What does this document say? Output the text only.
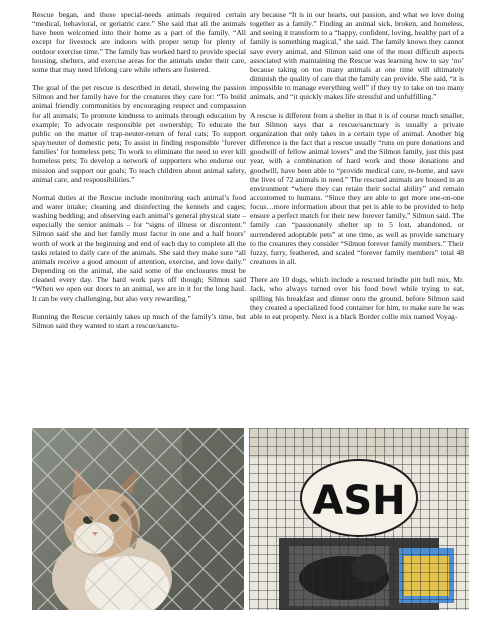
Rescue began, and those special-needs animals required certain “medical, behavioral, or geriatric care.” She said that all the animals have been welcomed into their home as a part of the family. “All except for livestock are indoors with proper setup for plenty of outdoor exercise time.” The family has worked hard to provide special housing, shelters, and exercise areas for the animals under their care, some that may need lifelong care while others are fostered.

The goal of the pet rescue is described in detail, showing the passion Silmon and her family have for the creatures they care for: “To build animal friendly communities by encouraging respect and compassion for all animals; To promote kindness to animals through education by example; To advocate responsible pet ownership; To educate the public on the matter of trap-neuter-return of feral cats; To support spay/neuter of domestic pets; To assist in finding responsible ‘forever families’ for homeless pets; To work to eliminate the need to ever kill homeless pets; To develop a network of supporters who endorse our mission and support our goals; To teach children about animal safety, animal care, and responsibilities.”

Normal duties at the Rescue include monitoring each animal’s food and water intake; cleaning and disinfecting the kennels and cages; washing bedding; and observing each animal’s general physical state – especially the senior animals – for “signs of illness or discontent.” Silmon said she and her family must factor in one and a half hours’ worth of work at the beginning and end of each day to complete all the tasks related to daily care of the animals. She said they make sure “all animals receive a good amount of attention, exercise, and love daily.” Depending on the animal, she said some of the enclosures must be cleaned every day. The hard work pays off though; Silmon said “When we open our doors to an animal, we are in it for the long haul. It can be very challenging, but also very rewarding.”

Running the Rescue certainly takes up much of the family’s time, but Silmon said they wanted to start a rescue/sanctu-

ary because “It is in our hearts, out passion, and what we love doing together as a family.” Finding an animal sick, broken, and homeless, and seeing it transform to a “happy, confident, loving, healthy part of a family is something magical,” she said. The family knows they cannot save every animal, and Silmon said one of the most difficult aspects associated with maintaining the Rescue was learning how to say ‘no’ because taking on too many animals at one time will ultimately diminish the quality of care that the family can provide. She said, “it is impossible to manage everything well” if they try to take on too many animals, and “it quickly makes life stressful and unfulfilling.”

A rescue is different from a shelter in that it is of course much smaller, but Silmon says that a rescue/sanctuary is usually a private organization that only takes in a certain type of animal. Another big difference is the fact that a rescue usually “runs on pure donations and goodwill of fellow animal lovers” and the Silmon family, just this past year, with a combination of hard work and those donations and goodwill, have been able to “provide medical care, re-home, and save the lives of 72 animals in need.” The rescued animals are housed in an environment “where they can retain their social ability” and remain accustomed to humans. “Since they are able to get more one-on-one focus…more information about that pet is able to be provided to help ensure a perfect match for their new forever family,” Silmon said. The family can “passionately shelter up to 5 lost, abandoned, or surrendered adoptable pets” at one time, as well as provide sanctuary to the creatures they consider “Silmon forever family members.” Their fuzzy, furry, feathered, and scaled “forever family members” total 48 creatures in all.

There are 10 dogs, which include a rescued brindle pitt bull mix, Mr. Jack, who always turned over his food bowl while trying to eat, spilling his breakfast and dinner onto the ground, before Silmon said they created a specialized food container for him, to make sure he was able to eat properly. Next is a black Border collie mix named Voyag-

ASH
